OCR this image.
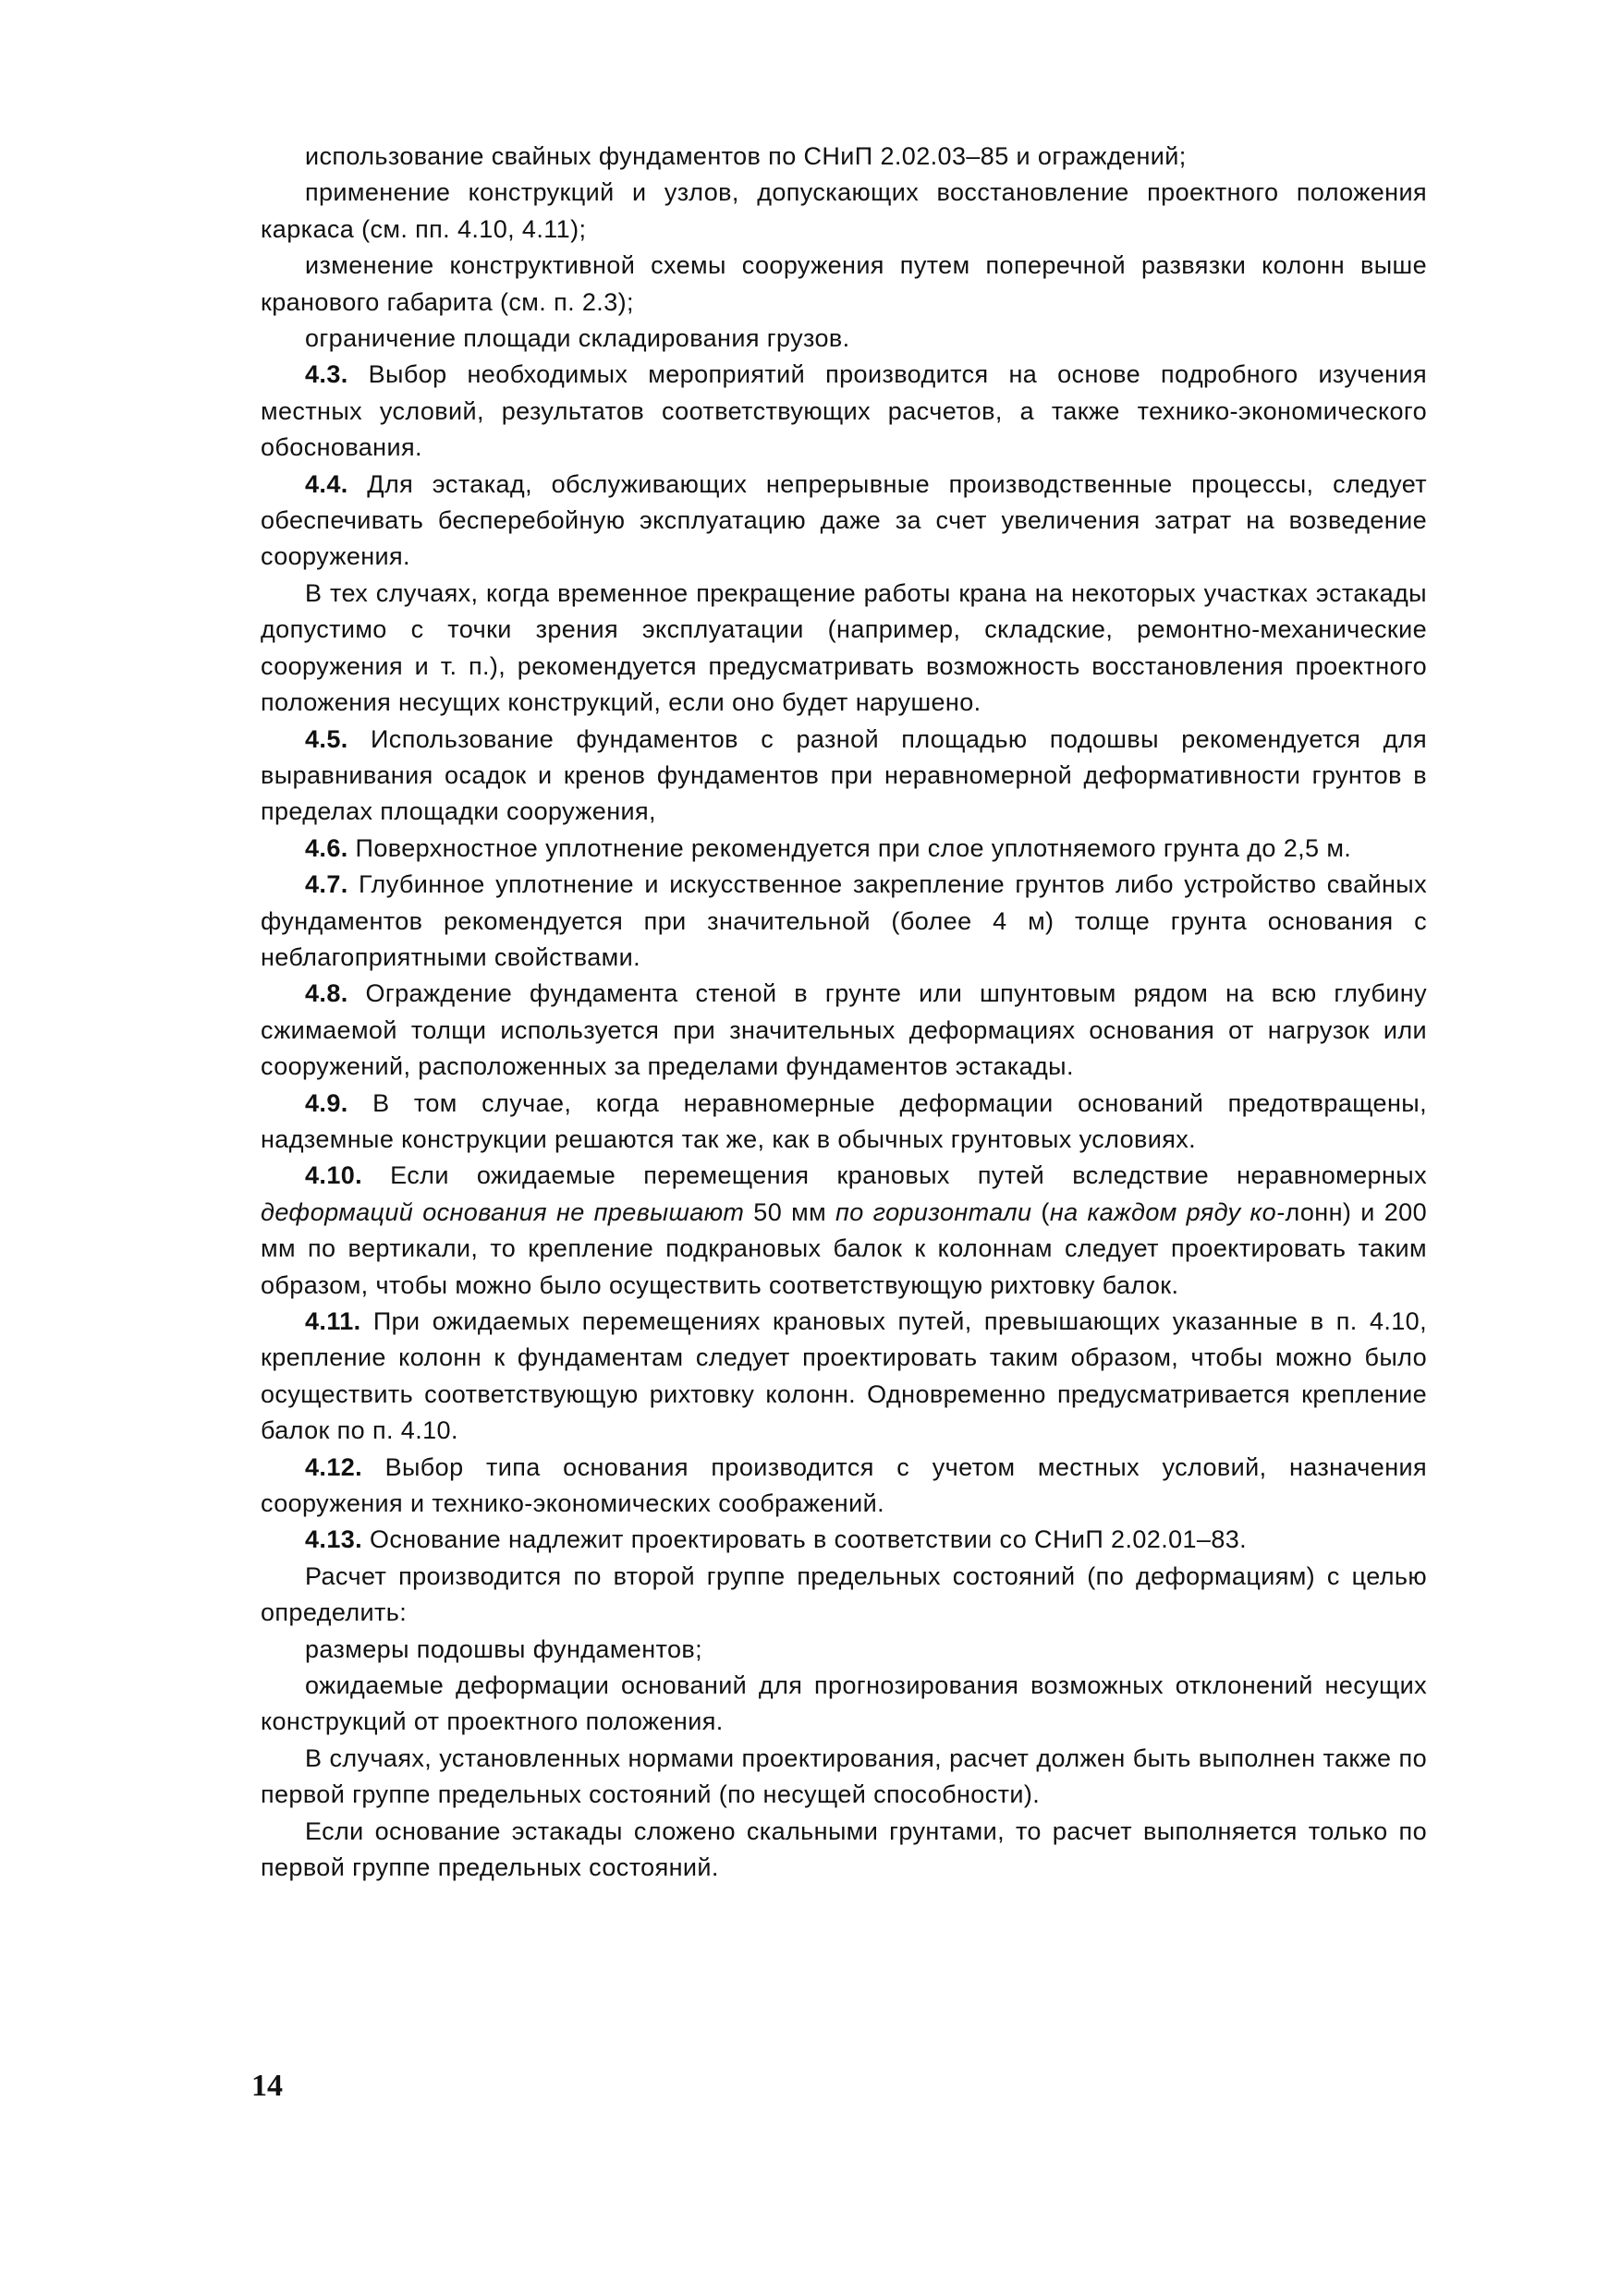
использование свайных фундаментов по СНиП 2.02.03–85 и ограждений;

применение конструкций и узлов, допускающих восстановление проектного положения каркаса (см. пп. 4.10, 4.11);

изменение конструктивной схемы сооружения путем поперечной развязки колонн выше кранового габарита (см. п. 2.3);

ограничение площади складирования грузов.

4.3. Выбор необходимых мероприятий производится на основе подробного изучения местных условий, результатов соответствующих расчетов, а также технико-экономического обоснования.

4.4. Для эстакад, обслуживающих непрерывные производственные процессы, следует обеспечивать бесперебойную эксплуатацию даже за счет увеличения затрат на возведение сооружения.

В тех случаях, когда временное прекращение работы крана на некоторых участках эстакады допустимо с точки зрения эксплуатации (например, складские, ремонтно-механические сооружения и т. п.), рекомендуется предусматривать возможность восстановления проектного положения несущих конструкций, если оно будет нарушено.

4.5. Использование фундаментов с разной площадью подошвы рекомендуется для выравнивания осадок и кренов фундаментов при неравномерной деформативности грунтов в пределах площадки сооружения,

4.6. Поверхностное уплотнение рекомендуется при слое уплотняемого грунта до 2,5 м.

4.7. Глубинное уплотнение и искусственное закрепление грунтов либо устройство свайных фундаментов рекомендуется при значительной (более 4 м) толще грунта основания с неблагоприятными свойствами.

4.8. Ограждение фундамента стеной в грунте или шпунтовым рядом на всю глубину сжимаемой толщи используется при значительных деформациях основания от нагрузок или сооружений, расположенных за пределами фундаментов эстакады.

4.9. В том случае, когда неравномерные деформации оснований предотвращены, надземные конструкции решаются так же, как в обычных грунтовых условиях.

4.10. Если ожидаемые перемещения крановых путей вследствие неравномерных деформаций основания не превышают 50 мм по горизонтали (на каждом ряду ко-лонн) и 200 мм по вертикали, то крепление подкрановых балок к колоннам следует проектировать таким образом, чтобы можно было осуществить соответствующую рихтовку балок.

4.11. При ожидаемых перемещениях крановых путей, превышающих указанные в п. 4.10, крепление колонн к фундаментам следует проектировать таким образом, чтобы можно было осуществить соответствующую рихтовку колонн. Одновременно предусматривается крепление балок по п. 4.10.

4.12. Выбор типа основания производится с учетом местных условий, назначения сооружения и технико-экономических соображений.

4.13. Основание надлежит проектировать в соответствии со СНиП 2.02.01–83.

Расчет производится по второй группе предельных состояний (по деформациям) с целью определить:

размеры подошвы фундаментов;

ожидаемые деформации оснований для прогнозирования возможных отклонений несущих конструкций от проектного положения.

В случаях, установленных нормами проектирования, расчет должен быть выполнен также по первой группе предельных состояний (по несущей способности).

Если основание эстакады сложено скальными грунтами, то расчет выполняется только по первой группе предельных состояний.

14
